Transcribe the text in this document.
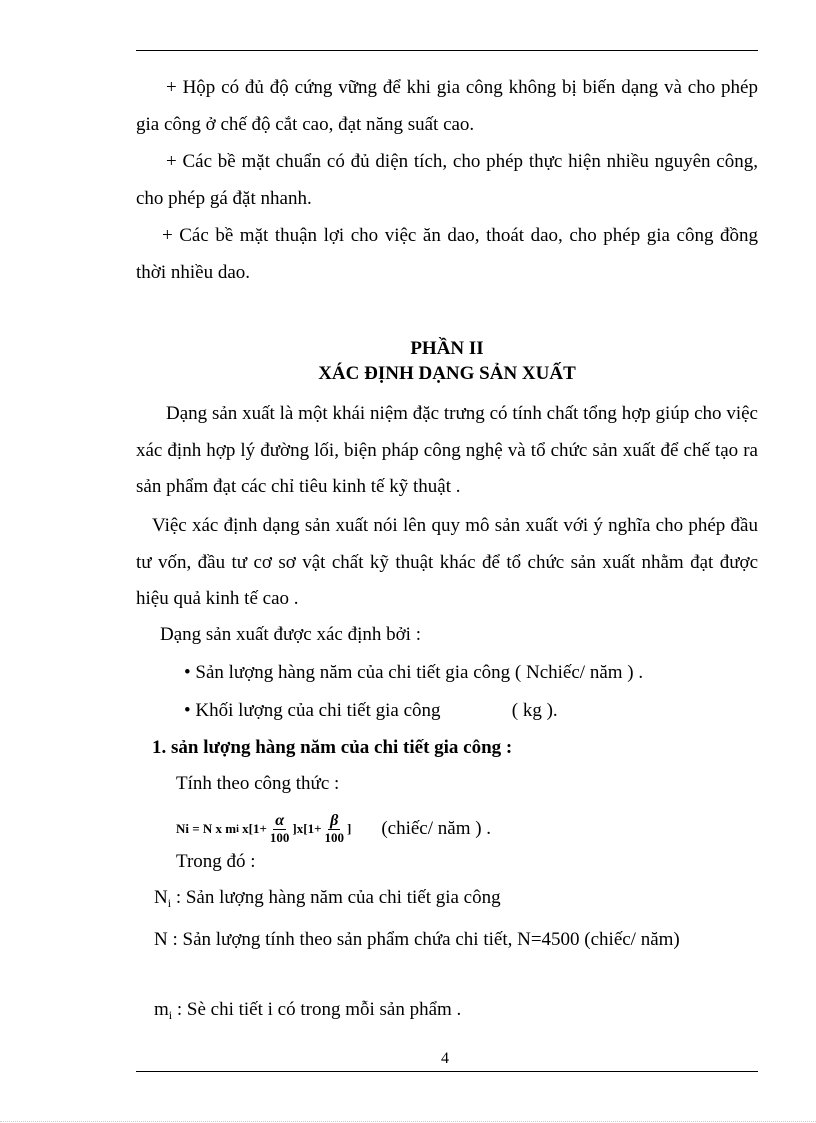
+ Hộp có đủ độ cứng vững để khi gia công không bị biến dạng và cho phép gia công ở chế độ cắt cao, đạt năng suất cao.

+ Các bề mặt chuẩn có đủ diện tích, cho phép thực hiện nhiều nguyên công, cho phép gá đặt nhanh.

+ Các bề mặt thuận lợi cho việc ăn dao, thoát dao, cho phép gia công đồng thời nhiều dao.

PHẦN II
XÁC ĐỊNH DẠNG SẢN XUẤT

Dạng sản xuất là một khái niệm đặc trưng có tính chất tổng hợp giúp cho việc xác định hợp lý đường lối, biện pháp công nghệ và tổ chức sản xuất để chế tạo ra sản phẩm đạt các chỉ tiêu kinh tế kỹ thuật .

Việc xác định dạng sản xuất nói lên quy mô sản xuất với ý nghĩa cho phép đầu tư vốn, đầu tư cơ sơ vật chất kỹ thuật khác để tổ chức sản xuất nhằm đạt được hiệu quả kinh tế cao .

Dạng sản xuất được xác định bởi :
• Sản lượng hàng năm của chi tiết gia công ( Nchiếc/ năm ) .
• Khối lượng của chi tiết gia công               ( kg ).
1. sản lượng hàng năm của chi tiết gia công :
Tính theo công thức :
Ni = N x m i $x[1+ \frac{\alpha}{100} ]x[1+ \frac{\beta}{100}$ ] (chiếc/ năm ) .
Trong đó :
$N_i$ : Sản lượng hàng năm của chi tiết gia công

N : Sản lượng tính theo sản phẩm chứa chi tiết, N=4500 (chiếc/ năm)

$m_i$ : Sè chi tiết i có trong mỗi sản phẩm .
4
